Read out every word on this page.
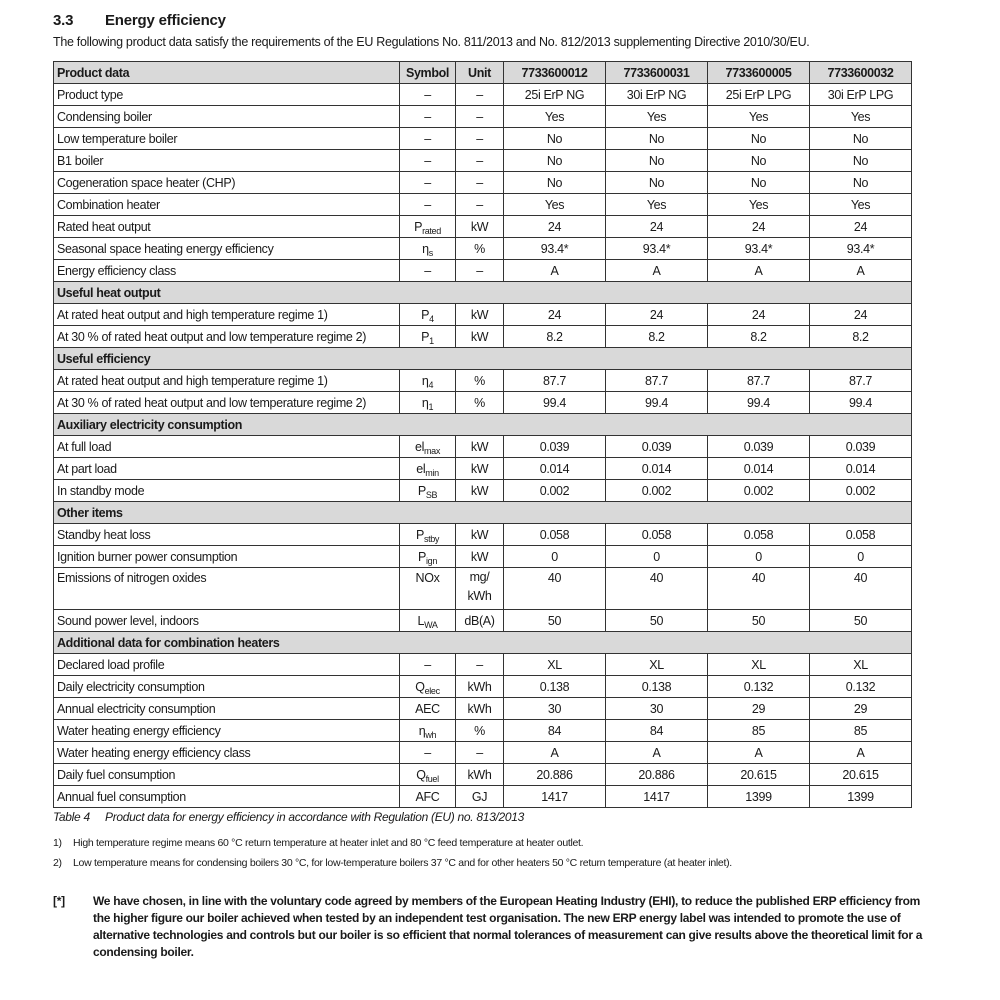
3.3 Energy efficiency
The following product data satisfy the requirements of the EU Regulations No. 811/2013 and No. 812/2013 supplementing Directive 2010/30/EU.
Product data	Symbol	Unit	7733600012	7733600031	7733600005	7733600032
Product type	–	–	25i ErP NG	30i ErP NG	25i ErP LPG	30i ErP LPG
Condensing boiler	–	–	Yes	Yes	Yes	Yes
Low temperature boiler	–	–	No	No	No	No
B1 boiler	–	–	No	No	No	No
Cogeneration space heater (CHP)	–	–	No	No	No	No
Combination heater	–	–	Yes	Yes	Yes	Yes
Rated heat output	$P_{rated}$	kW	24	24	24	24
Seasonal space heating energy efficiency	$\eta_s$	%	93.4*	93.4*	93.4*	93.4*
Energy efficiency class	–	–	A	A	A	A
Useful heat output						
At rated heat output and high temperature regime 1)	$P_4$	kW	24	24	24	24
At 30 % of rated heat output and low temperature regime 2)	$P_1$	kW	8.2	8.2	8.2	8.2
Useful efficiency						
At rated heat output and high temperature regime 1)	$\eta_4$	%	87.7	87.7	87.7	87.7
At 30 % of rated heat output and low temperature regime 2)	$\eta_1$	%	99.4	99.4	99.4	99.4
Auxiliary electricity consumption						
At full load	$el_{max}$	kW	0.039	0.039	0.039	0.039
At part load	$el_{min}$	kW	0.014	0.014	0.014	0.014
In standby mode	$P_{SB}$	kW	0.002	0.002	0.002	0.002
Other items						
Standby heat loss	$P_{stby}$	kW	0.058	0.058	0.058	0.058
Ignition burner power consumption	$P_{ign}$	kW	0	0	0	0
Emissions of nitrogen oxides	NOx	mg/ kWh	40	40	40	40
Sound power level, indoors	$L_{WA}$	dB(A)	50	50	50	50
Additional data for combination heaters						
Declared load profile	–	–	XL	XL	XL	XL
Daily electricity consumption	$Q_{elec}$	kWh	0.138	0.138	0.132	0.132
Annual electricity consumption	AEC	kWh	30	30	29	29
Water heating energy efficiency	$\eta_{wh}$	%	84	84	85	85
Water heating energy efficiency class	–	–	A	A	A	A
Daily fuel consumption	$Q_{fuel}$	kWh	20.886	20.886	20.615	20.615
Annual fuel consumption	AFC	GJ	1417	1417	1399	1399
Table 4 Product data for energy efficiency in accordance with Regulation (EU) no. 813/2013
1) High temperature regime means 60 °C return temperature at heater inlet and 80 °C feed temperature at heater outlet.
2) Low temperature means for condensing boilers 30 °C, for low-temperature boilers 37 °C and for other heaters 50 °C return temperature (at heater inlet).
[*] We have chosen, in line with the voluntary code agreed by members of the European Heating Industry (EHI), to reduce the published ERP efficiency from the higher figure our boiler achieved when tested by an independent test organisation. The new ERP energy label was intended to promote the use of alternative technologies and controls but our boiler is so efficient that normal tolerances of measurement can give results above the theoretical limit for a condensing boiler.
